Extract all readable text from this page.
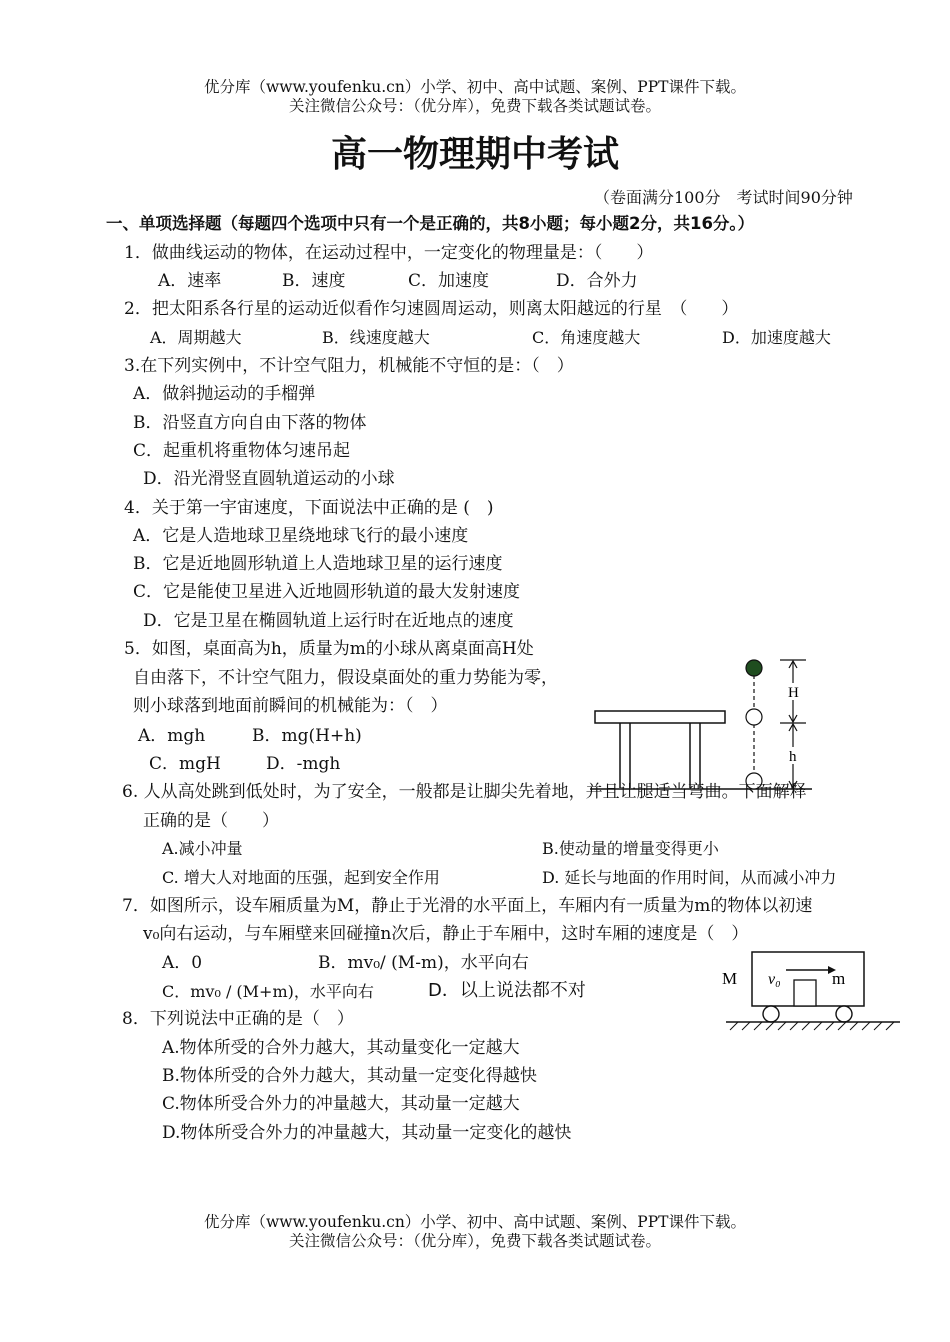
优分库（www.youfenku.cn）小学、初中、高中试题、案例、PPT课件下载。
关注微信公众号：（优分库），免费下载各类试题试卷。
高一物理期中考试
（卷面满分100分　考试时间90分钟
一、单项选择题（每题四个选项中只有一个是正确的，共8小题；每小题2分，共16分。）
1．做曲线运动的物体，在运动过程中，一定变化的物理量是：（　　）
A．速率	B．速度	C．加速度	D．合外力
2．把太阳系各行星的运动近似看作匀速圆周运动，则离太阳越远的行星　（　　）
A．周期越大	B．线速度越大	C．角速度越大	D．加速度越大
3.在下列实例中，不计空气阻力，机械能不守恒的是：（　）
A．做斜抛运动的手榴弹
B．沿竖直方向自由下落的物体
C．起重机将重物体匀速吊起
D．沿光滑竖直圆轨道运动的小球
4．关于第一宇宙速度，下面说法中正确的是 (　)
A．它是人造地球卫星绕地球飞行的最小速度
B．它是近地圆形轨道上人造地球卫星的运行速度
C．它是能使卫星进入近地圆形轨道的最大发射速度
D．它是卫星在椭圆轨道上运行时在近地点的速度
5．如图，桌面高为h，质量为m的小球从离桌面高H处
自由落下，不计空气阻力，假设桌面处的重力势能为零，
则小球落到地面前瞬间的机械能为：（　）
A．mgh	B．mg(H+h)
C．mgH	D．-mgh
H
h
6. 人从高处跳到低处时，为了安全，一般都是让脚尖先着地，并且让腿适当弯曲。下面解释
正确的是（　　）
A.减小冲量	B.使动量的增量变得更小
C. 增大人对地面的压强，起到安全作用	D. 延长与地面的作用时间，从而减小冲力
7．如图所示，设车厢质量为M，静止于光滑的水平面上，车厢内有一质量为m的物体以初速
v₀向右运动，与车厢壁来回碰撞n次后，静止于车厢中，这时车厢的速度是（　）
A．0	B．mv₀/ (M-m)，水平向右
C．mv₀ / (M+m)，水平向右	D．以上说法都不对
M v₀	m
8．下列说法中正确的是（　）
A.物体所受的合外力越大，其动量变化一定越大
B.物体所受的合外力越大，其动量一定变化得越快
C.物体所受合外力的冲量越大，其动量一定越大
D.物体所受合外力的冲量越大，其动量一定变化的越快
优分库（www.youfenku.cn）小学、初中、高中试题、案例、PPT课件下载。
关注微信公众号：（优分库），免费下载各类试题试卷。
